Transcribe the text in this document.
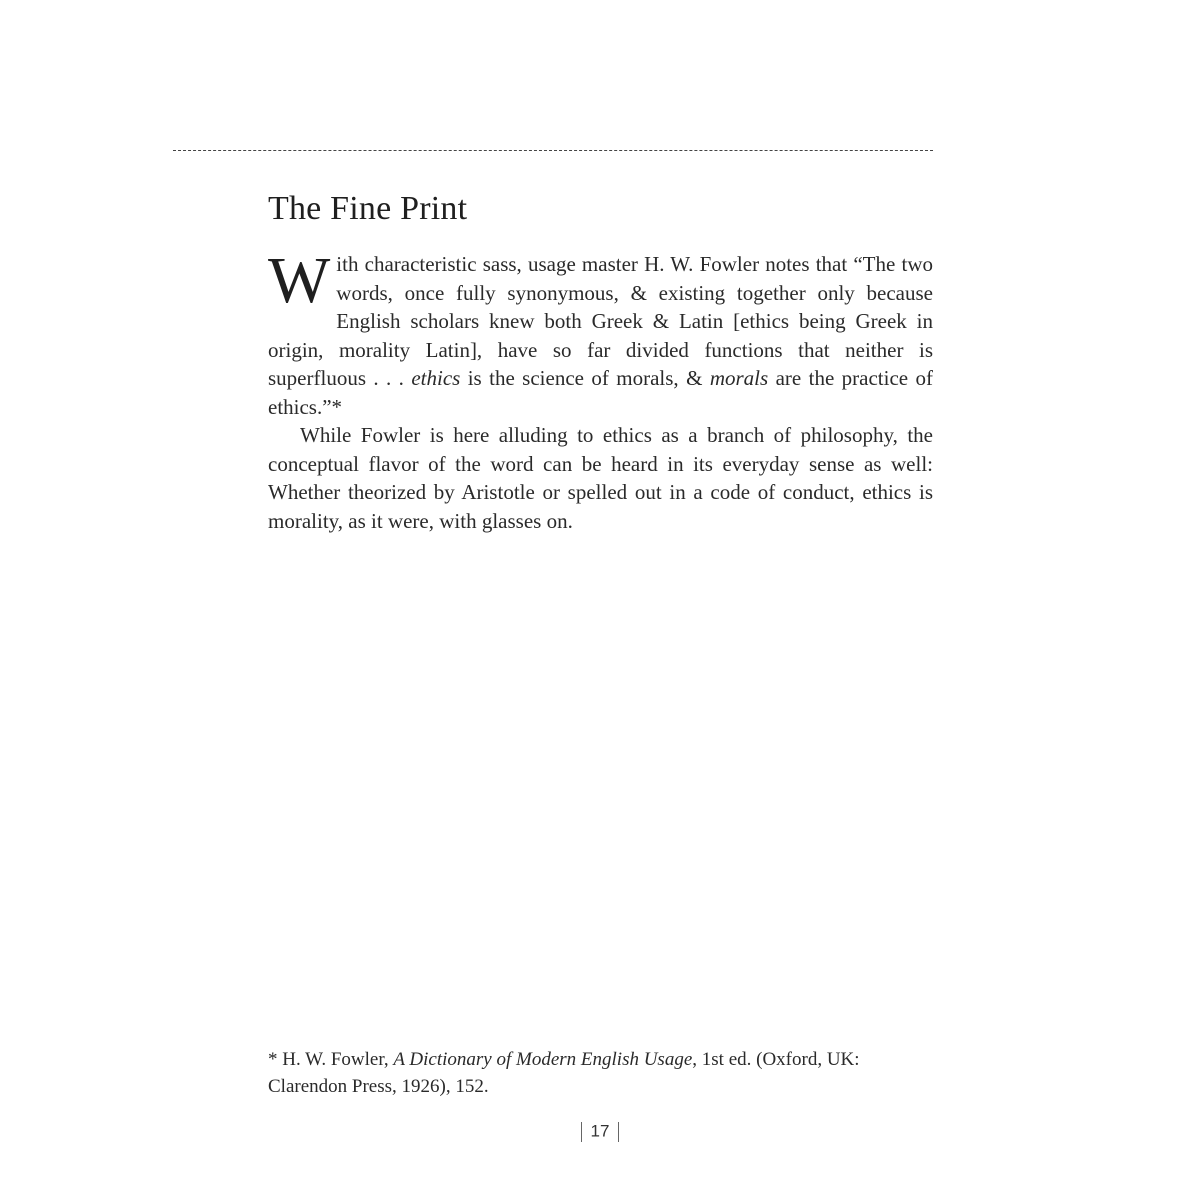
The Fine Print

With characteristic sass, usage master H. W. Fowler notes that “The two words, once fully synonymous, & existing together only because English scholars knew both Greek & Latin [ethics being Greek in origin, morality Latin], have so far divided functions that neither is superfluous . . . ethics is the science of morals, & morals are the practice of ethics.”*

While Fowler is here alluding to ethics as a branch of philosophy, the conceptual flavor of the word can be heard in its everyday sense as well: Whether theorized by Aristotle or spelled out in a code of conduct, ethics is morality, as it were, with glasses on.

* H. W. Fowler, A Dictionary of Modern English Usage, 1st ed. (Oxford, UK: Clarendon Press, 1926), 152.
17
